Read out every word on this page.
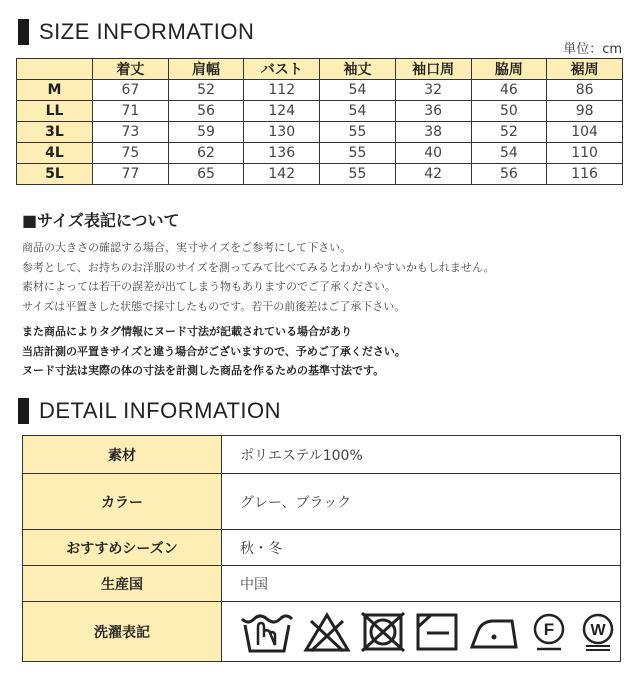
SIZE INFORMATION
単位：cm
	着丈	肩幅	バスト	袖丈	袖口周	脇周	裾周
M	67	52	112	54	32	46	86
LL	71	56	124	54	36	50	98
3L	73	59	130	55	38	52	104
4L	75	62	136	55	40	54	110
5L	77	65	142	55	42	56	116
■サイズ表記について
商品の大きさの確認する場合、実寸サイズをご参考にして下さい。
参考として、お持ちのお洋服のサイズを測ってみて比べてみるとわかりやすいかもしれません。
素材によっては若干の誤差が出てしまう物もありますのでご了承ください。
サイズは平置きした状態で採寸したものです。若干の前後差はご了承下さい。
また商品によりタグ情報にヌード寸法が記載されている場合があり
当店計測の平置きサイズと違う場合がございますので、予めご了承ください。
ヌード寸法は実際の体の寸法を計測した商品を作るための基準寸法です。
DETAIL INFORMATION
素材	ポリエステル100%
カラー	グレー、ブラック
おすすめシーズン	秋・冬
生産国	中国
洗濯表記	F W
